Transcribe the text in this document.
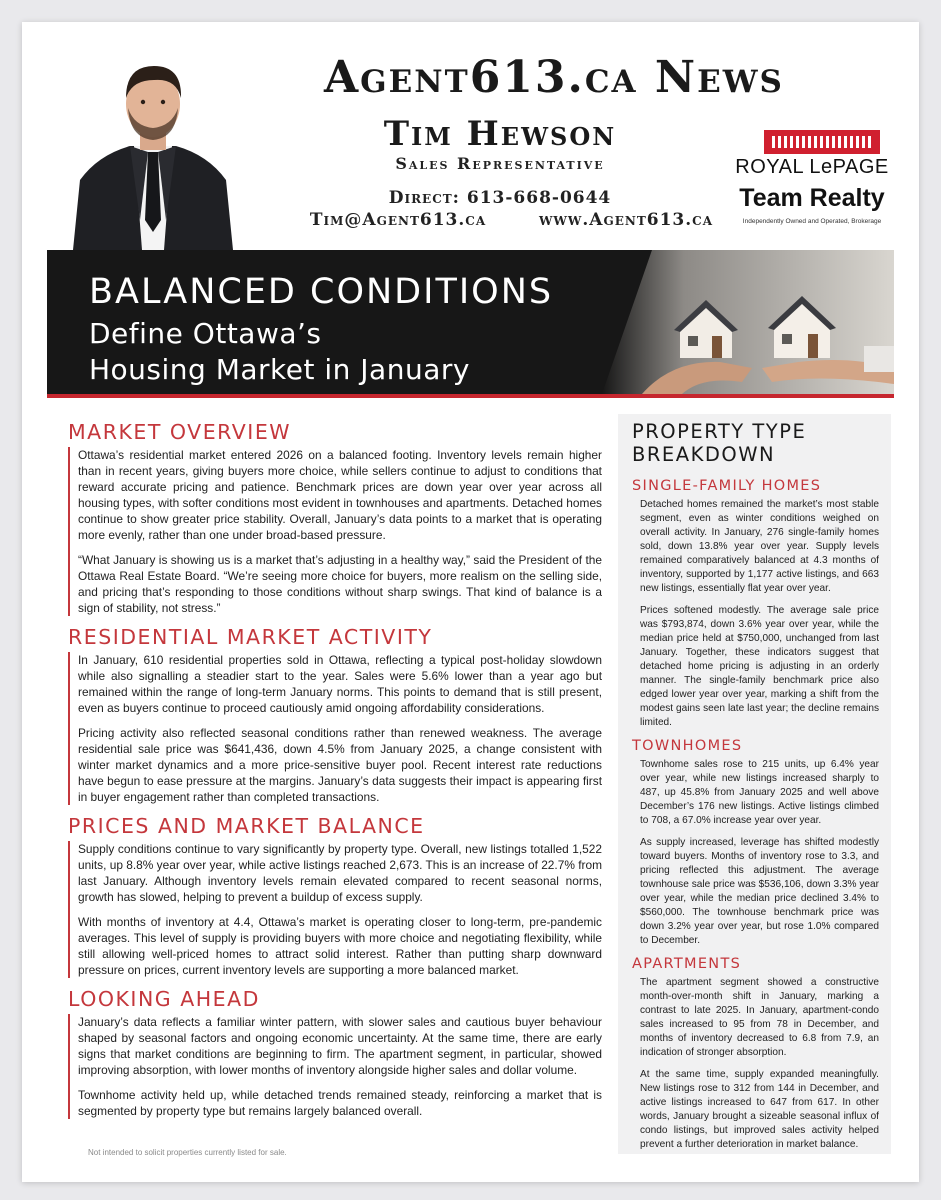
Agent613.ca News
Tim Hewson
Sales Representative
Direct: 613-668-0644
Tim@Agent613.ca	www.Agent613.ca
ROYAL LePAGE
Team Realty
Independently Owned and Operated, Brokerage
BALANCED CONDITIONS
Define Ottawa’s
Housing Market in January
MARKET OVERVIEW

Ottawa’s residential market entered 2026 on a balanced footing. Inventory levels remain higher than in recent years, giving buyers more choice, while sellers continue to adjust to conditions that reward accurate pricing and patience. Benchmark prices are down year over year across all housing types, with softer conditions most evident in townhouses and apartments. Detached homes continue to show greater price stability. Overall, January’s data points to a market that is operating more evenly, rather than one under broad-based pressure.

“What January is showing us is a market that’s adjusting in a healthy way,” said the President of the Ottawa Real Estate Board. “We’re seeing more choice for buyers, more realism on the selling side, and pricing that’s responding to those conditions without sharp swings. That kind of balance is a sign of stability, not stress.”

RESIDENTIAL MARKET ACTIVITY

In January, 610 residential properties sold in Ottawa, reflecting a typical post-holiday slowdown while also signalling a steadier start to the year. Sales were 5.6% lower than a year ago but remained within the range of long-term January norms. This points to demand that is still present, even as buyers continue to proceed cautiously amid ongoing affordability considerations.

Pricing activity also reflected seasonal conditions rather than renewed weakness. The average residential sale price was $641,436, down 4.5% from January 2025, a change consistent with winter market dynamics and a more price-sensitive buyer pool. Recent interest rate reductions have begun to ease pressure at the margins. January’s data suggests their impact is appearing first in buyer engagement rather than completed transactions.

PRICES AND MARKET BALANCE

Supply conditions continue to vary significantly by property type. Overall, new listings totalled 1,522 units, up 8.8% year over year, while active listings reached 2,673. This is an increase of 22.7% from last January. Although inventory levels remain elevated compared to recent seasonal norms, growth has slowed, helping to prevent a buildup of excess supply.

With months of inventory at 4.4, Ottawa’s market is operating closer to long-term, pre-pandemic averages. This level of supply is providing buyers with more choice and negotiating flexibility, while still allowing well-priced homes to attract solid interest. Rather than putting sharp downward pressure on prices, current inventory levels are supporting a more balanced market.

LOOKING AHEAD

January’s data reflects a familiar winter pattern, with slower sales and cautious buyer behaviour shaped by seasonal factors and ongoing economic uncertainty. At the same time, there are early signs that market conditions are beginning to firm. The apartment segment, in particular, showed improving absorption, with lower months of inventory alongside higher sales and dollar volume.

Townhome activity held up, while detached trends remained steady, reinforcing a market that is segmented by property type but remains largely balanced overall.

Not intended to solicit properties currently listed for sale.
PROPERTY TYPE
BREAKDOWN
SINGLE-FAMILY HOMES

Detached homes remained the market’s most stable segment, even as winter conditions weighed on overall activity. In January, 276 single-family homes sold, down 13.8% year over year. Supply levels remained comparatively balanced at 4.3 months of inventory, supported by 1,177 active listings, and 663 new listings, essentially flat year over year.

Prices softened modestly. The average sale price was $793,874, down 3.6% year over year, while the median price held at $750,000, unchanged from last January. Together, these indicators suggest that detached home pricing is adjusting in an orderly manner. The single-family benchmark price also edged lower year over year, marking a shift from the modest gains seen late last year; the decline remains limited.

TOWNHOMES

Townhome sales rose to 215 units, up 6.4% year over year, while new listings increased sharply to 487, up 45.8% from January 2025 and well above December’s 176 new listings. Active listings climbed to 708, a 67.0% increase year over year.

As supply increased, leverage has shifted modestly toward buyers. Months of inventory rose to 3.3, and pricing reflected this adjustment. The average townhouse sale price was $536,106, down 3.3% year over year, while the median price declined 3.4% to $560,000. The townhouse benchmark price was down 3.2% year over year, but rose 1.0% compared to December.

APARTMENTS

The apartment segment showed a constructive month-over-month shift in January, marking a contrast to late 2025. In January, apartment-condo sales increased to 95 from 78 in December, and months of inventory decreased to 6.8 from 7.9, an indication of stronger absorption.

At the same time, supply expanded meaningfully. New listings rose to 312 from 144 in December, and active listings increased to 647 from 617. In other words, January brought a sizeable seasonal influx of condo listings, but improved sales activity helped prevent a further deterioration in market balance.
